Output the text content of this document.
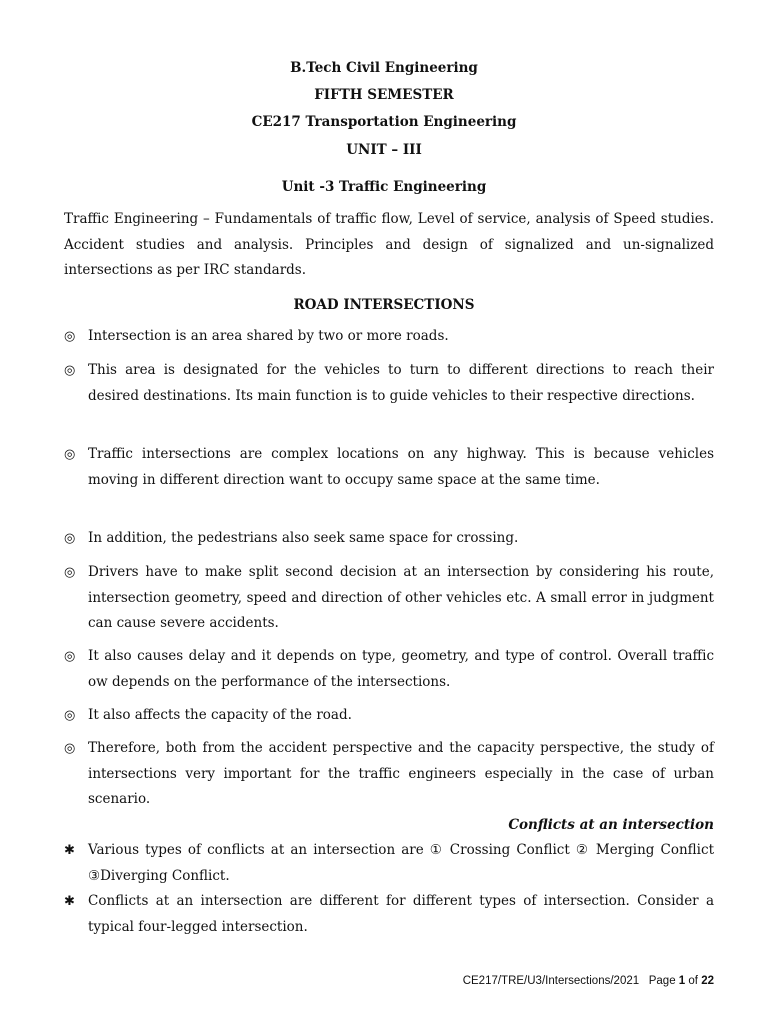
B.Tech Civil Engineering
FIFTH SEMESTER
CE217 Transportation Engineering
UNIT – III
Unit -3 Traffic Engineering
Traffic Engineering – Fundamentals of traffic flow, Level of service, analysis of Speed studies. Accident studies and analysis. Principles and design of signalized and un-signalized intersections as per IRC standards.
ROAD INTERSECTIONS
◎ Intersection is an area shared by two or more roads.
◎ This area is designated for the vehicles to turn to different directions to reach their desired destinations. Its main function is to guide vehicles to their respective directions.
◎ Traffic intersections are complex locations on any highway. This is because vehicles moving in different direction want to occupy same space at the same time.
◎ In addition, the pedestrians also seek same space for crossing.
◎ Drivers have to make split second decision at an intersection by considering his route, intersection geometry, speed and direction of other vehicles etc. A small error in judgment can cause severe accidents.
◎ It also causes delay and it depends on type, geometry, and type of control. Overall traffic ow depends on the performance of the intersections.
◎ It also affects the capacity of the road.
◎ Therefore, both from the accident perspective and the capacity perspective, the study of intersections very important for the traffic engineers especially in the case of urban scenario.
Conflicts at an intersection
✱ Various types of conflicts at an intersection are ① Crossing Conflict ② Merging Conflict ③Diverging Conflict.
✱ Conflicts at an intersection are different for different types of intersection. Consider a typical four-legged intersection.
CE217/TRE/U3/Intersections/2021 Page 1 of 22
